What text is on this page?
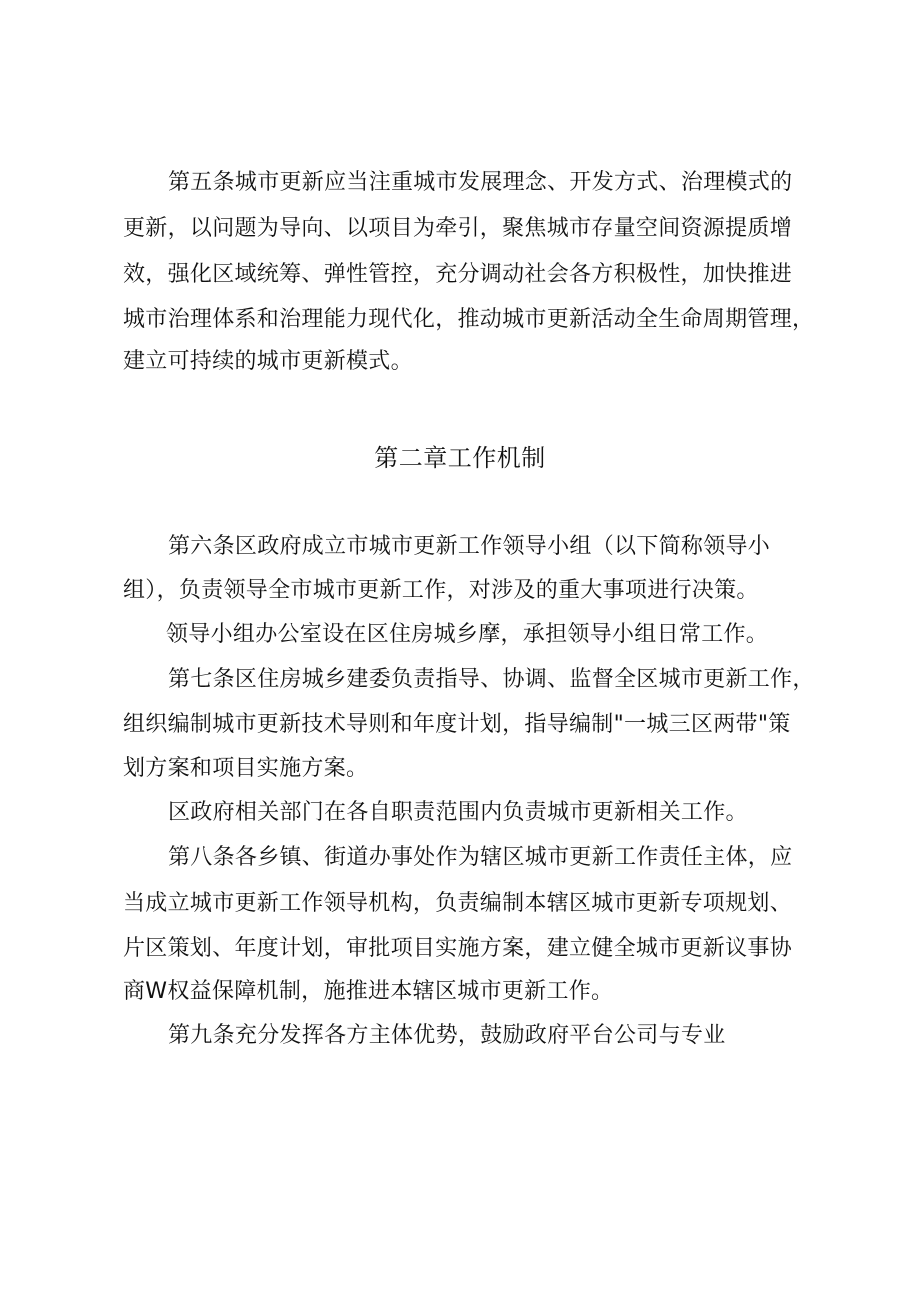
第五条城市更新应当注重城市发展理念、开发方式、治理模式的
更新，以问题为导向、以项目为牵引，聚焦城市存量空间资源提质增
效，强化区域统筹、弹性管控，充分调动社会各方积极性，加快推进
城市治理体系和治理能力现代化，推动城市更新活动全生命周期管理，
建立可持续的城市更新模式。
第二章工作机制
第六条区政府成立市城市更新工作领导小组（以下简称领导小
组），负责领导全市城市更新工作，对涉及的重大事项进行决策。
领导小组办公室设在区住房城乡摩，承担领导小组日常工作。
第七条区住房城乡建委负责指导、协调、监督全区城市更新工作，
组织编制城市更新技术导则和年度计划，指导编制"一城三区两带"策
划方案和项目实施方案。
区政府相关部门在各自职责范围内负责城市更新相关工作。
第八条各乡镇、街道办事处作为辖区城市更新工作责任主体，应
当成立城市更新工作领导机构，负责编制本辖区城市更新专项规划、
片区策划、年度计划，审批项目实施方案，建立健全城市更新议事协
商W权益保障机制，施推进本辖区城市更新工作。
第九条充分发挥各方主体优势，鼓励政府平台公司与专业
